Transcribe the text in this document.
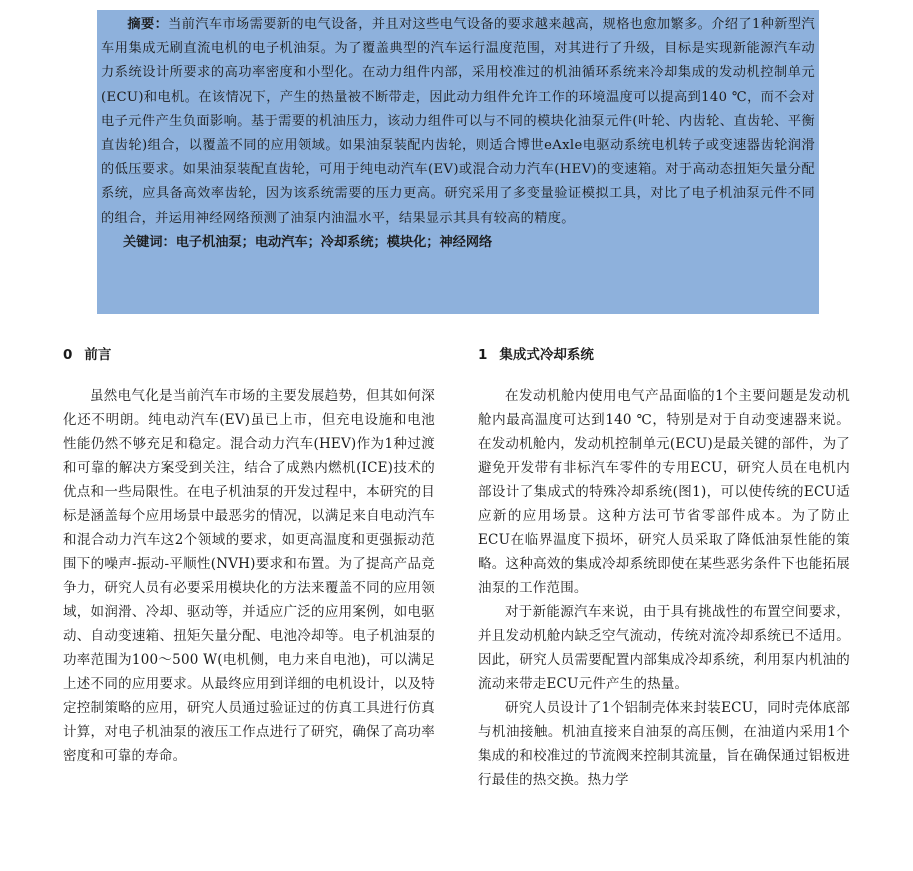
摘要：当前汽车市场需要新的电气设备，并且对这些电气设备的要求越来越高，规格也愈加繁多。介绍了1种新型汽车用集成无刷直流电机的电子机油泵。为了覆盖典型的汽车运行温度范围，对其进行了升级，目标是实现新能源汽车动力系统设计所要求的高功率密度和小型化。在动力组件内部，采用校准过的机油循环系统来冷却集成的发动机控制单元(ECU)和电机。在该情况下，产生的热量被不断带走，因此动力组件允许工作的环境温度可以提高到140 ℃，而不会对电子元件产生负面影响。基于需要的机油压力，该动力组件可以与不同的模块化油泵元件(叶轮、内齿轮、直齿轮、平衡直齿轮)组合，以覆盖不同的应用领域。如果油泵装配内齿轮，则适合博世eAxle电驱动系统电机转子或变速器齿轮润滑的低压要求。如果油泵装配直齿轮，可用于纯电动汽车(EV)或混合动力汽车(HEV)的变速箱。对于高动态扭矩矢量分配系统，应具备高效率齿轮，因为该系统需要的压力更高。研究采用了多变量验证模拟工具，对比了电子机油泵元件不同的组合，并运用神经网络预测了油泵内油温水平，结果显示其具有较高的精度。

关键词：电子机油泵；电动汽车；冷却系统；模块化；神经网络

0 前言

虽然电气化是当前汽车市场的主要发展趋势，但其如何深化还不明朗。纯电动汽车(EV)虽已上市，但充电设施和电池性能仍然不够充足和稳定。混合动力汽车(HEV)作为1种过渡和可靠的解决方案受到关注，结合了成熟内燃机(ICE)技术的优点和一些局限性。在电子机油泵的开发过程中，本研究的目标是涵盖每个应用场景中最恶劣的情况，以满足来自电动汽车和混合动力汽车这2个领域的要求，如更高温度和更强振动范围下的噪声-振动-平顺性(NVH)要求和布置。为了提高产品竞争力，研究人员有必要采用模块化的方法来覆盖不同的应用领域，如润滑、冷却、驱动等，并适应广泛的应用案例，如电驱动、自动变速箱、扭矩矢量分配、电池冷却等。电子机油泵的功率范围为100～500 W(电机侧，电力来自电池)，可以满足上述不同的应用要求。从最终应用到详细的电机设计，以及特定控制策略的应用，研究人员通过验证过的仿真工具进行仿真计算，对电子机油泵的液压工作点进行了研究，确保了高功率密度和可靠的寿命。

1 集成式冷却系统

在发动机舱内使用电气产品面临的1个主要问题是发动机舱内最高温度可达到140 ℃，特别是对于自动变速器来说。在发动机舱内，发动机控制单元(ECU)是最关键的部件，为了避免开发带有非标汽车零件的专用ECU，研究人员在电机内部设计了集成式的特殊冷却系统(图1)，可以使传统的ECU适应新的应用场景。这种方法可节省零部件成本。为了防止ECU在临界温度下损坏，研究人员采取了降低油泵性能的策略。这种高效的集成冷却系统即使在某些恶劣条件下也能拓展油泵的工作范围。

对于新能源汽车来说，由于具有挑战性的布置空间要求，并且发动机舱内缺乏空气流动，传统对流冷却系统已不适用。因此，研究人员需要配置内部集成冷却系统，利用泵内机油的流动来带走ECU元件产生的热量。

研究人员设计了1个铝制壳体来封装ECU，同时壳体底部与机油接触。机油直接来自油泵的高压侧，在油道内采用1个集成的和校准过的节流阀来控制其流量，旨在确保通过铝板进行最佳的热交换。热力学
